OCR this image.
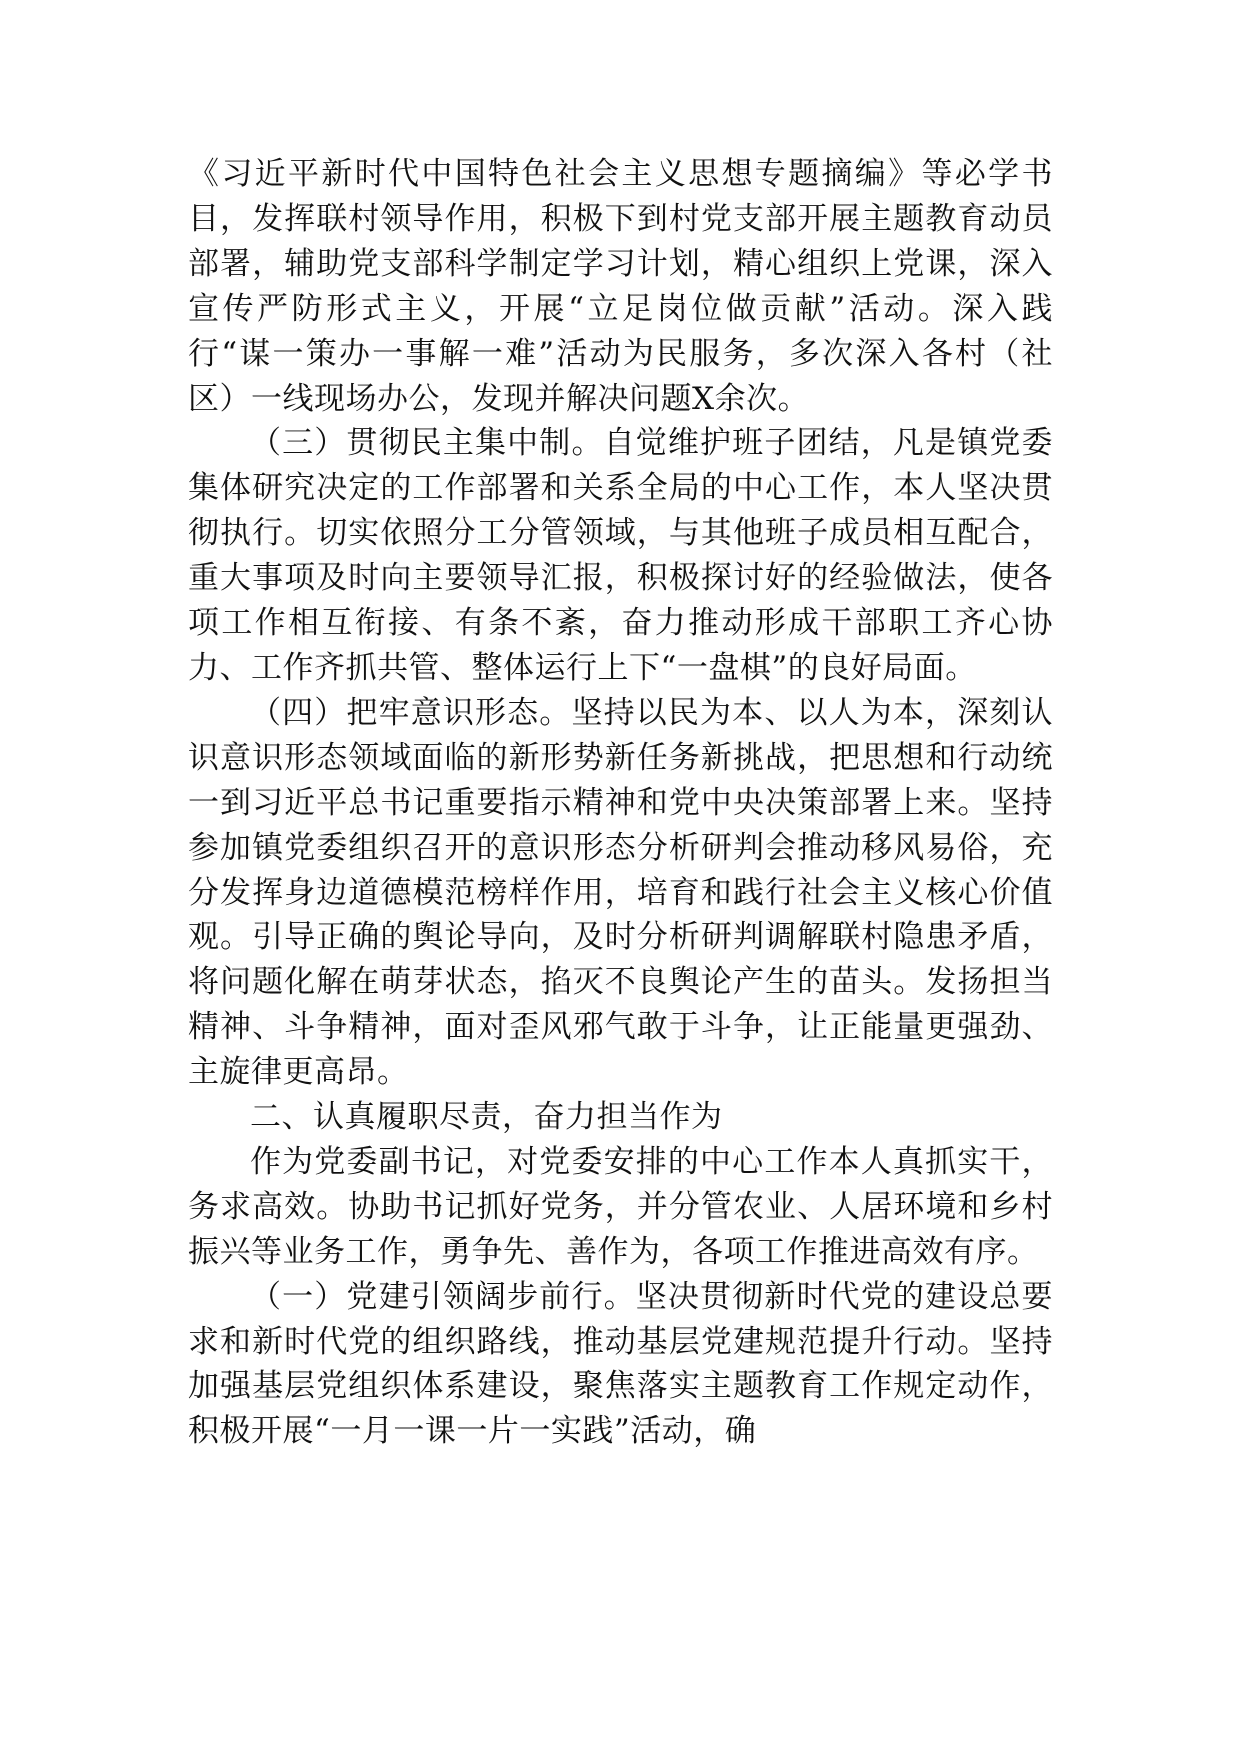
《习近平新时代中国特色社会主义思想专题摘编》等必学书目，发挥联村领导作用，积极下到村党支部开展主题教育动员部署，辅助党支部科学制定学习计划，精心组织上党课，深入宣传严防形式主义，开展“立足岗位做贡献”活动。深入践行“谋一策办一事解一难”活动为民服务，多次深入各村（社区）一线现场办公，发现并解决问题X余次。

（三）贯彻民主集中制。自觉维护班子团结，凡是镇党委集体研究决定的工作部署和关系全局的中心工作，本人坚决贯彻执行。切实依照分工分管领域，与其他班子成员相互配合，重大事项及时向主要领导汇报，积极探讨好的经验做法，使各项工作相互衔接、有条不紊，奋力推动形成干部职工齐心协力、工作齐抓共管、整体运行上下“一盘棋”的良好局面。

（四）把牢意识形态。坚持以民为本、以人为本，深刻认识意识形态领域面临的新形势新任务新挑战，把思想和行动统一到习近平总书记重要指示精神和党中央决策部署上来。坚持参加镇党委组织召开的意识形态分析研判会推动移风易俗，充分发挥身边道德模范榜样作用，培育和践行社会主义核心价值观。引导正确的舆论导向，及时分析研判调解联村隐患矛盾，将问题化解在萌芽状态，掐灭不良舆论产生的苗头。发扬担当精神、斗争精神，面对歪风邪气敢于斗争，让正能量更强劲、主旋律更高昂。

二、认真履职尽责，奋力担当作为

作为党委副书记，对党委安排的中心工作本人真抓实干，务求高效。协助书记抓好党务，并分管农业、人居环境和乡村振兴等业务工作，勇争先、善作为，各项工作推进高效有序。

（一）党建引领阔步前行。坚决贯彻新时代党的建设总要求和新时代党的组织路线，推动基层党建规范提升行动。坚持加强基层党组织体系建设，聚焦落实主题教育工作规定动作，积极开展“一月一课一片一实践”活动，确
